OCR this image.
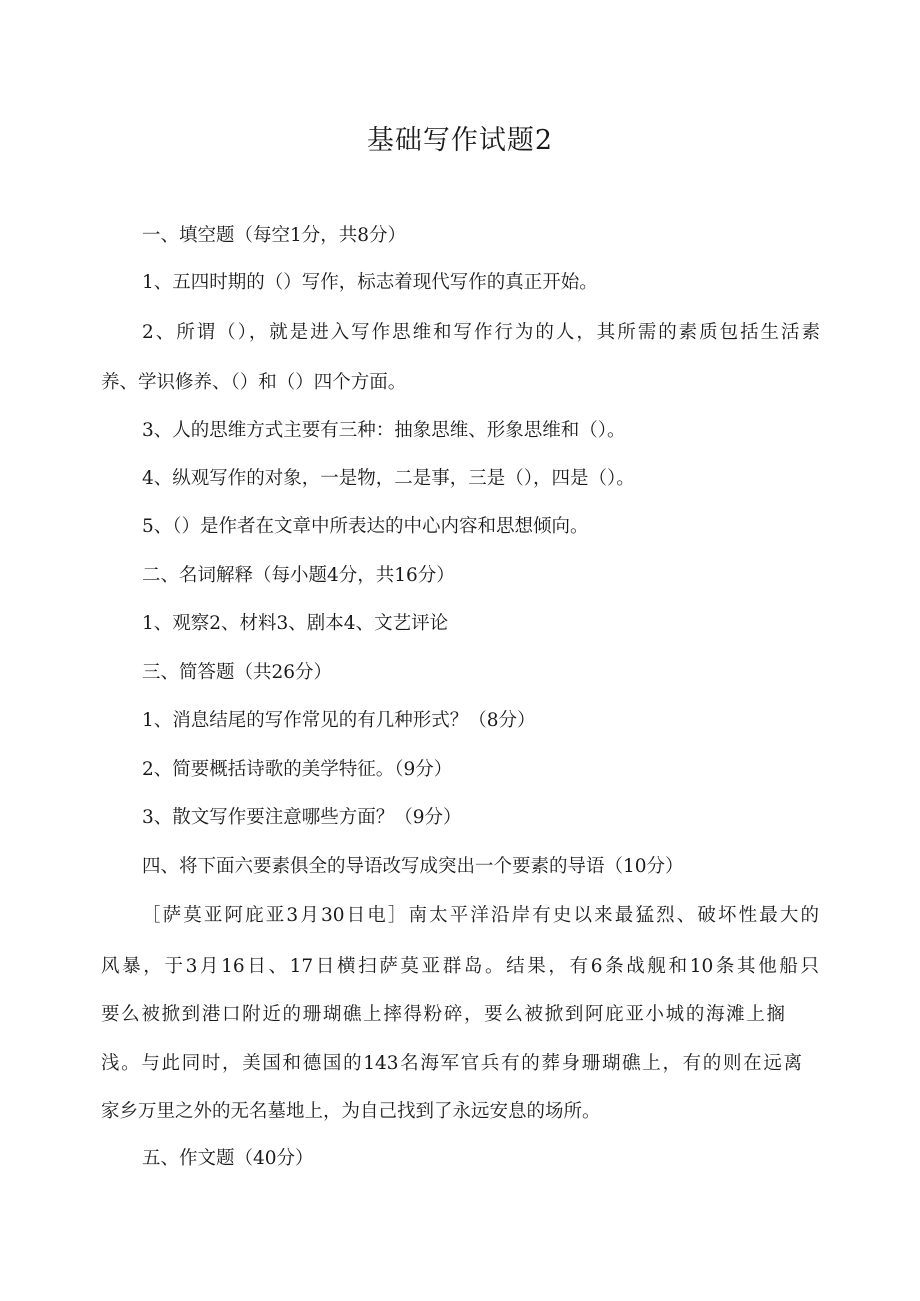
基础写作试题2

一、填空题（每空1分，共8分）

1、五四时期的（）写作，标志着现代写作的真正开始。

2、所谓（），就是进入写作思维和写作行为的人，其所需的素质包括生活素

养、学识修养、（）和（）四个方面。

3、人的思维方式主要有三种：抽象思维、形象思维和（）。

4、纵观写作的对象，一是物，二是事，三是（），四是（）。

5、（）是作者在文章中所表达的中心内容和思想倾向。

二、名词解释（每小题4分，共16分）

1、观察2、材料3、剧本4、文艺评论

三、简答题（共26分）

1、消息结尾的写作常见的有几种形式？（8分）

2、简要概括诗歌的美学特征。（9分）

3、散文写作要注意哪些方面？（9分）

四、将下面六要素俱全的导语改写成突出一个要素的导语（10分）

［萨莫亚阿庇亚3月30日电］南太平洋沿岸有史以来最猛烈、破坏性最大的

风暴，于3月16日、17日横扫萨莫亚群岛。结果，有6条战舰和10条其他船只

要么被掀到港口附近的珊瑚礁上摔得粉碎，要么被掀到阿庇亚小城的海滩上搁

浅。与此同时，美国和德国的143名海军官兵有的葬身珊瑚礁上，有的则在远离

家乡万里之外的无名墓地上，为自己找到了永远安息的场所。

五、作文题（40分）
